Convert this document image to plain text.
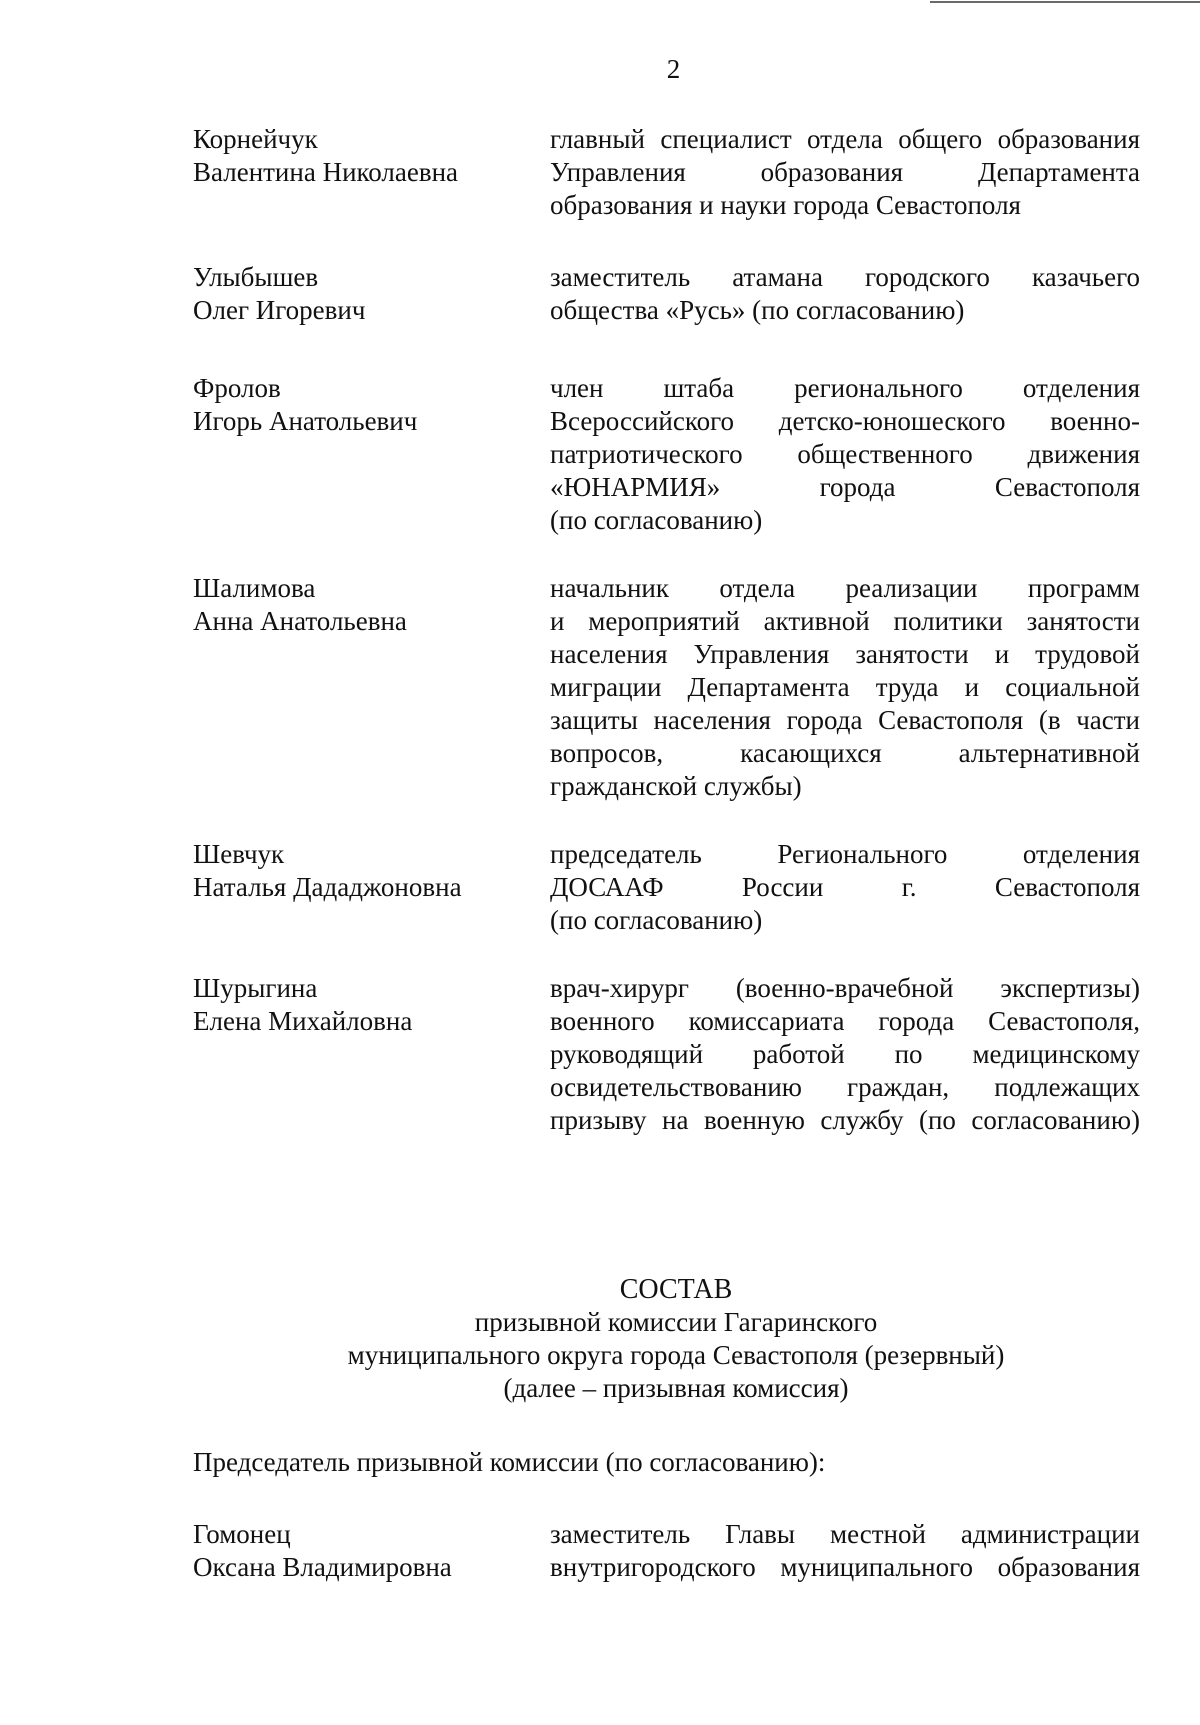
2
Корнейчук
Валентина Николаевна
главный специалист отдела общего образования
Управления образования Департамента
образования и науки города Севастополя
Улыбышев
Олег Игоревич
заместитель атамана городского казачьего
общества «Русь» (по согласованию)
Фролов
Игорь Анатольевич
член штаба регионального отделения
Всероссийского детско-юношеского военно-
патриотического общественного движения
«ЮНАРМИЯ» города Севастополя
(по согласованию)
Шалимова
Анна Анатольевна
начальник отдела реализации программ
и мероприятий активной политики занятости
населения Управления занятости и трудовой
миграции Департамента труда и социальной
защиты населения города Севастополя (в части
вопросов, касающихся альтернативной
гражданской службы)
Шевчук
Наталья Дададжоновна
председатель Регионального отделения
ДОСААФ России г. Севастополя
(по согласованию)
Шурыгина
Елена Михайловна
врач-хирург (военно-врачебной экспертизы)
военного комиссариата города Севастополя,
руководящий работой по медицинскому
освидетельствованию граждан, подлежащих
призыву на военную службу (по согласованию)
СОСТАВ
призывной комиссии Гагаринского
муниципального округа города Севастополя (резервный)
(далее – призывная комиссия)
Председатель призывной комиссии (по согласованию):
Гомонец
Оксана Владимировна
заместитель Главы местной администрации
внутригородского муниципального образования
